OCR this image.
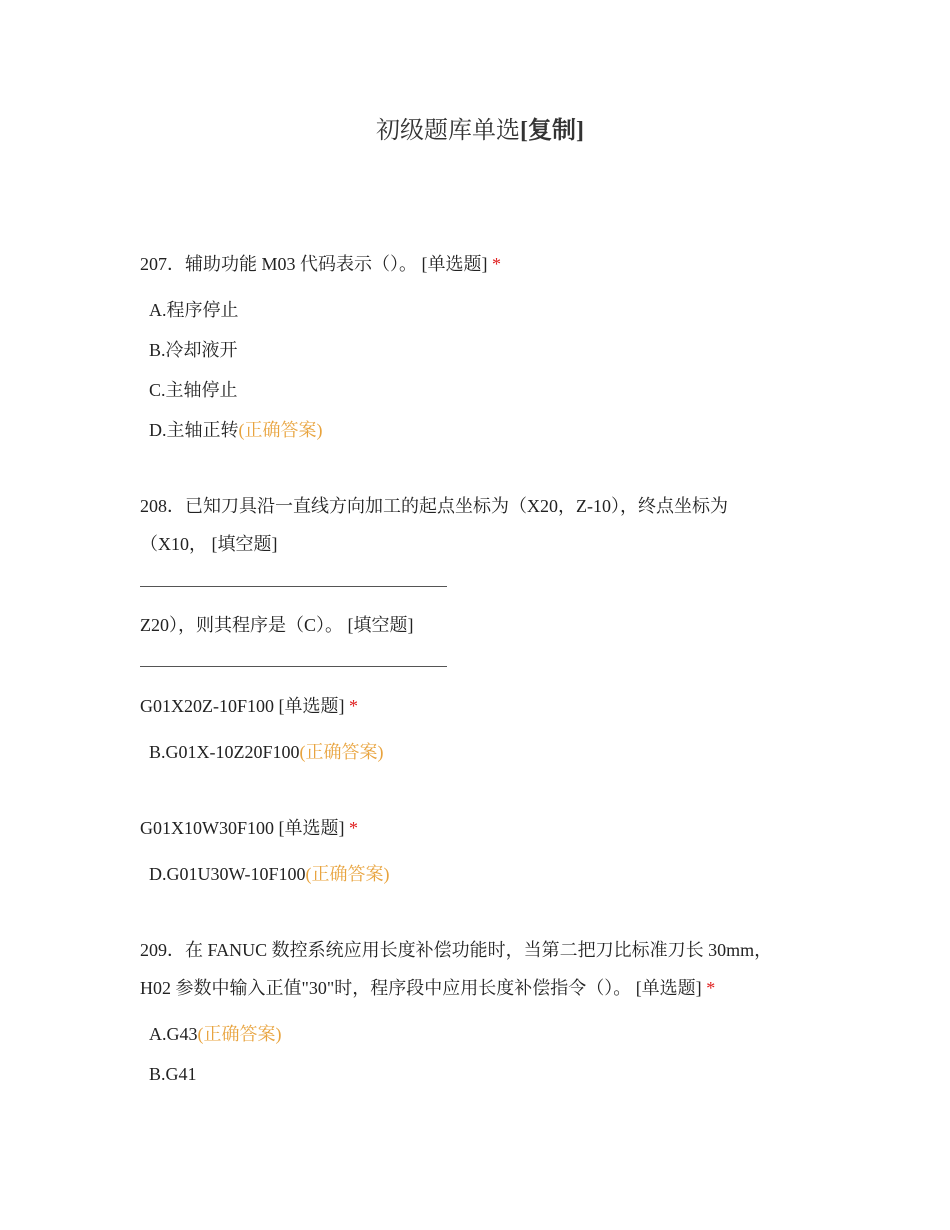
初级题库单选[复制]
207．辅助功能 M03 代码表示（）。 [单选题] *
A.程序停止
B.冷却液开
C.主轴停止
D.主轴正转(正确答案)
208．已知刀具沿一直线方向加工的起点坐标为（X20，Z-10），终点坐标为
（X10， [填空题]
Z20），则其程序是（C）。 [填空题]
G01X20Z-10F100 [单选题] *
B.G01X-10Z20F100(正确答案)
G01X10W30F100 [单选题] *
D.G01U30W-10F100(正确答案)
209．在 FANUC 数控系统应用长度补偿功能时，当第二把刀比标准刀长 30mm，
H02 参数中输入正值"30"时，程序段中应用长度补偿指令（）。 [单选题] *
A.G43(正确答案)
B.G41
